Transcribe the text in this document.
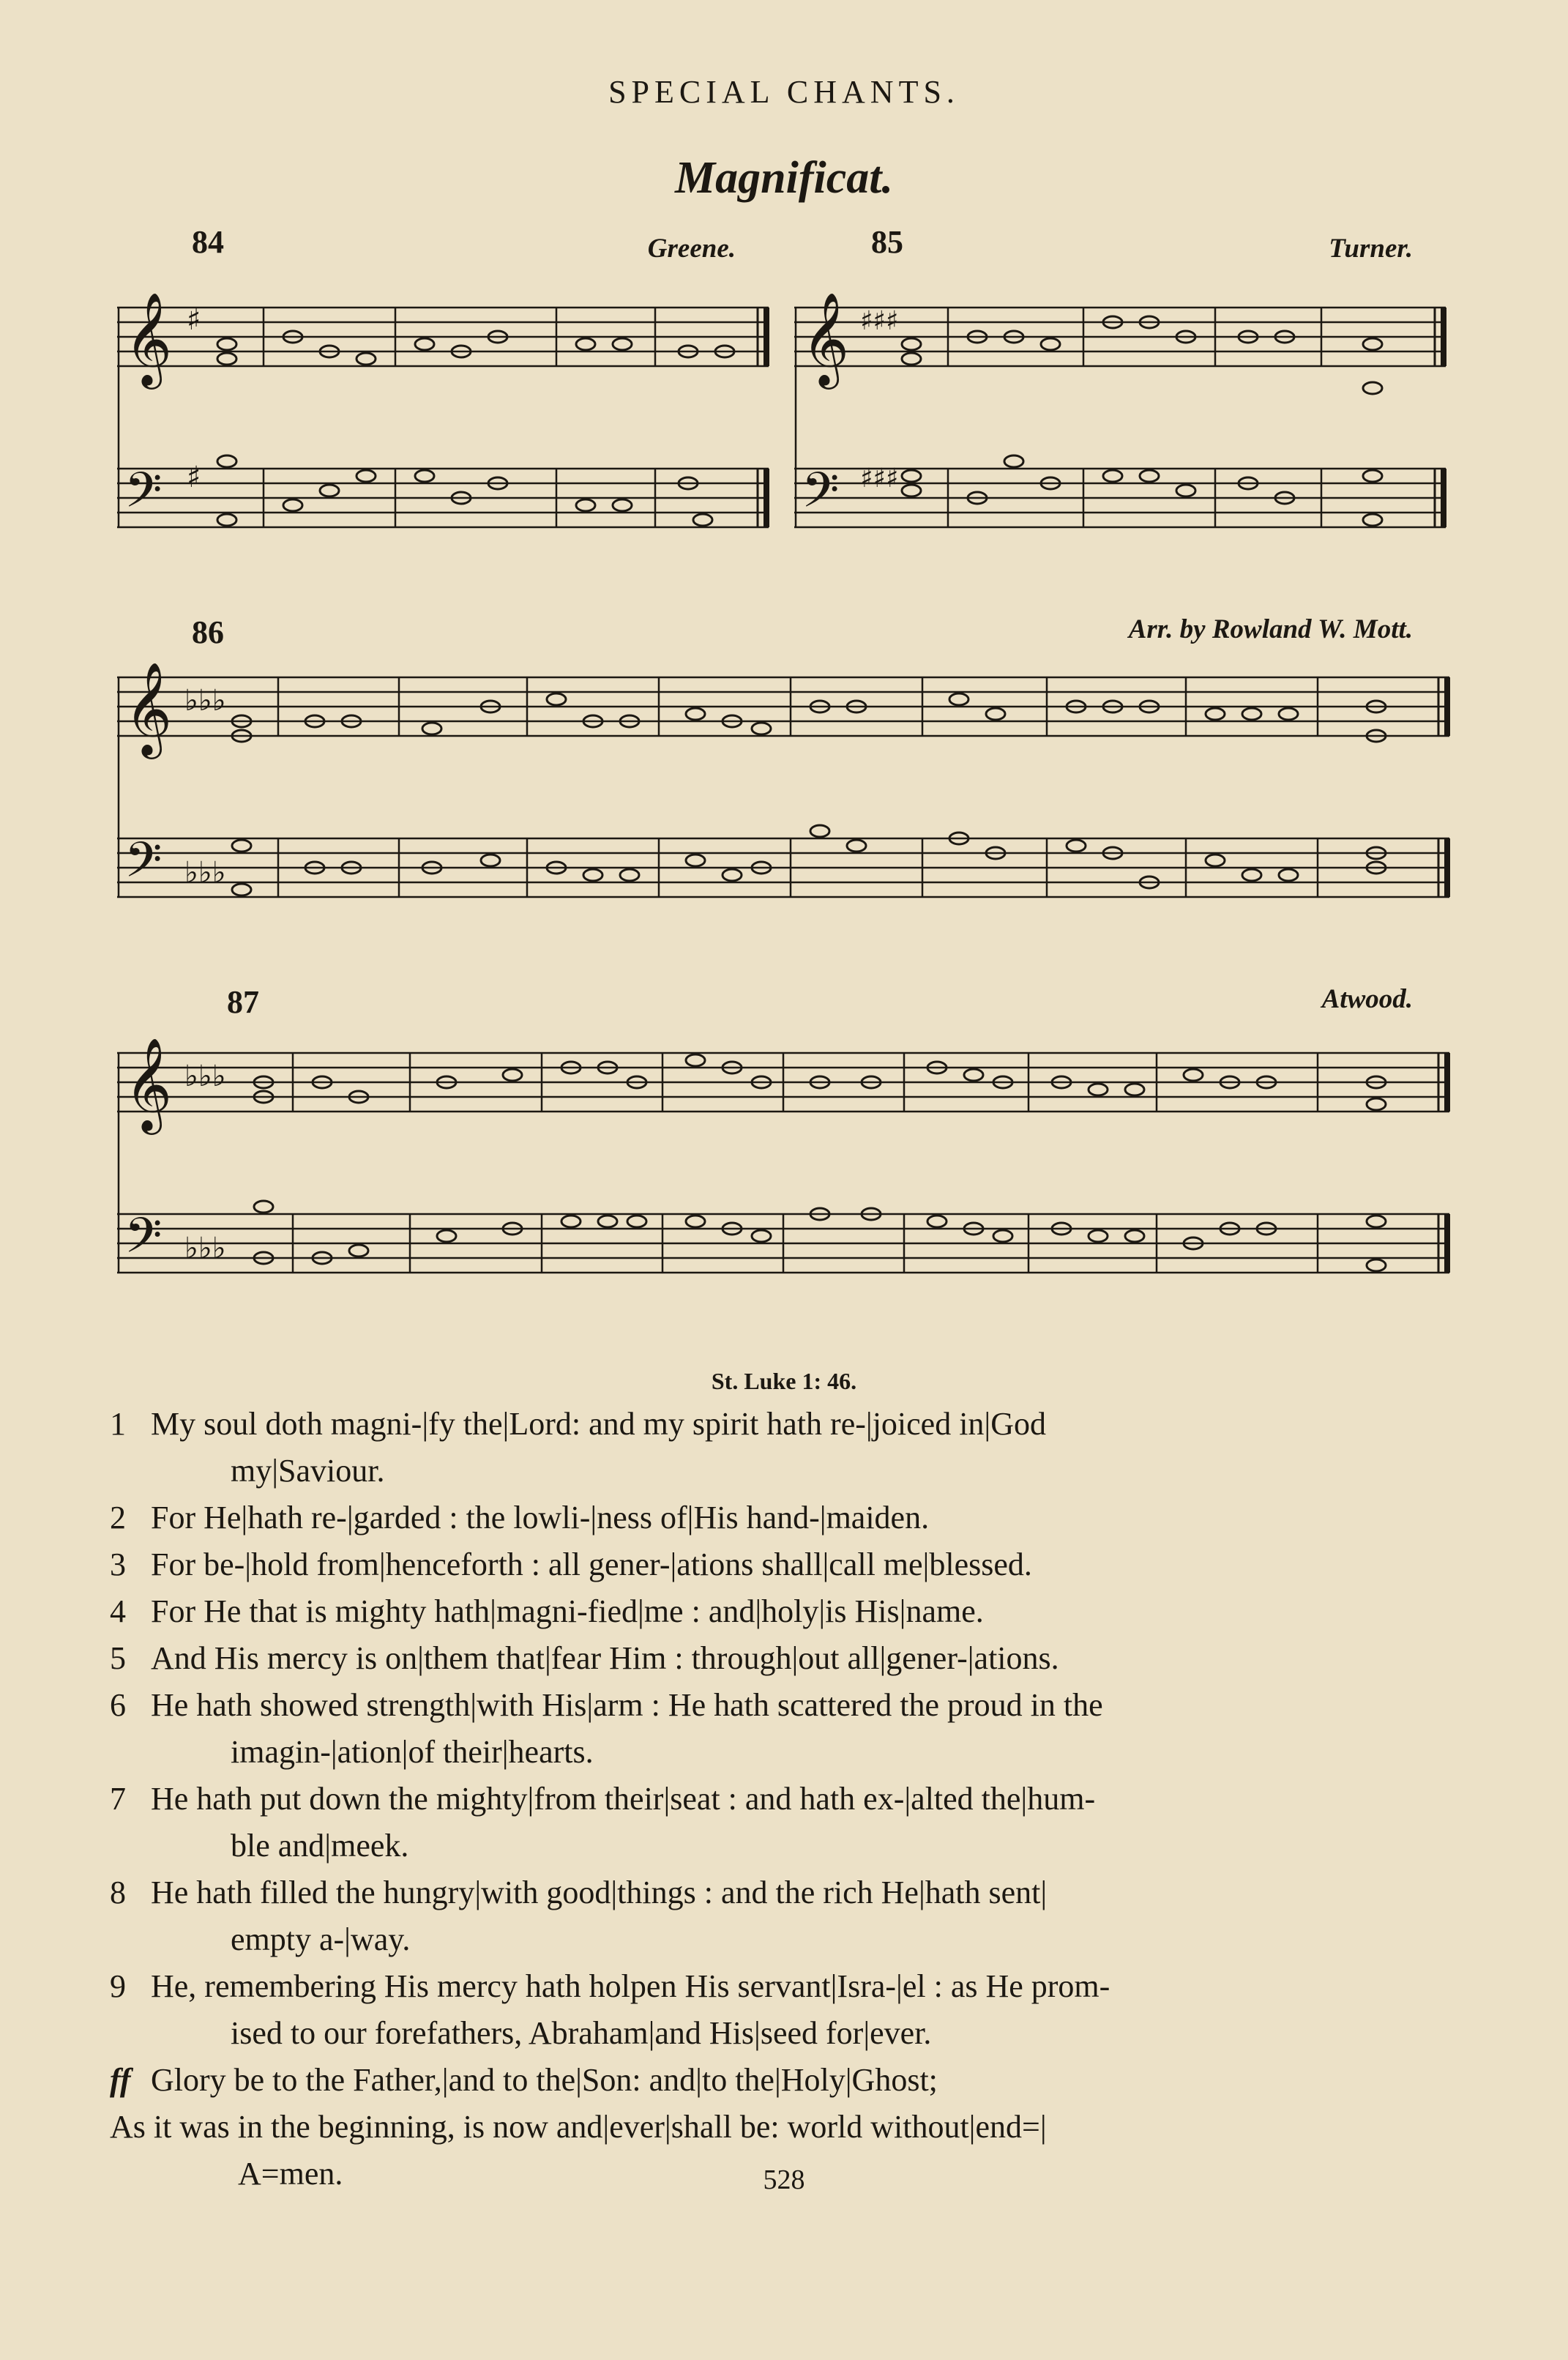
SPECIAL CHANTS.
Magnificat.
84	Greene.
𝄞
𝄢
♯
♯
85	Turner.
𝄞
𝄢
♯♯♯
♯♯♯
86	Arr. by Rowland W. Mott.
𝄞
𝄢
♭♭♭
♭♭♭
87	Atwood.
𝄞
𝄢
♭♭♭
♭♭♭
St. Luke 1: 46.
1 My soul doth magni-|fy the|Lord: and my spirit hath re-|joiced in|God
my|Saviour.
2 For He|hath re-|garded : the lowli-|ness of|His hand-|maiden.
3 For be-|hold from|henceforth : all gener-|ations shall|call me|blessed.
4 For He that is mighty hath|magni-fied|me : and|holy|is His|name.
5 And His mercy is on|them that|fear Him : through|out all|gener-|ations.
6 He hath showed strength|with His|arm : He hath scattered the proud in the
imagin-|ation|of their|hearts.
7 He hath put down the mighty|from their|seat : and hath ex-|alted the|hum-
ble and|meek.
8 He hath filled the hungry|with good|things : and the rich He|hath sent|
empty a-|way.
9 He, remembering His mercy hath holpen His servant|Isra-|el : as He prom-
ised to our forefathers, Abraham|and His|seed for|ever.
ff Glory be to the Father,|and to the|Son: and|to the|Holy|Ghost;
As it was in the beginning, is now and|ever|shall be: world without|end=|
A=men.	528
